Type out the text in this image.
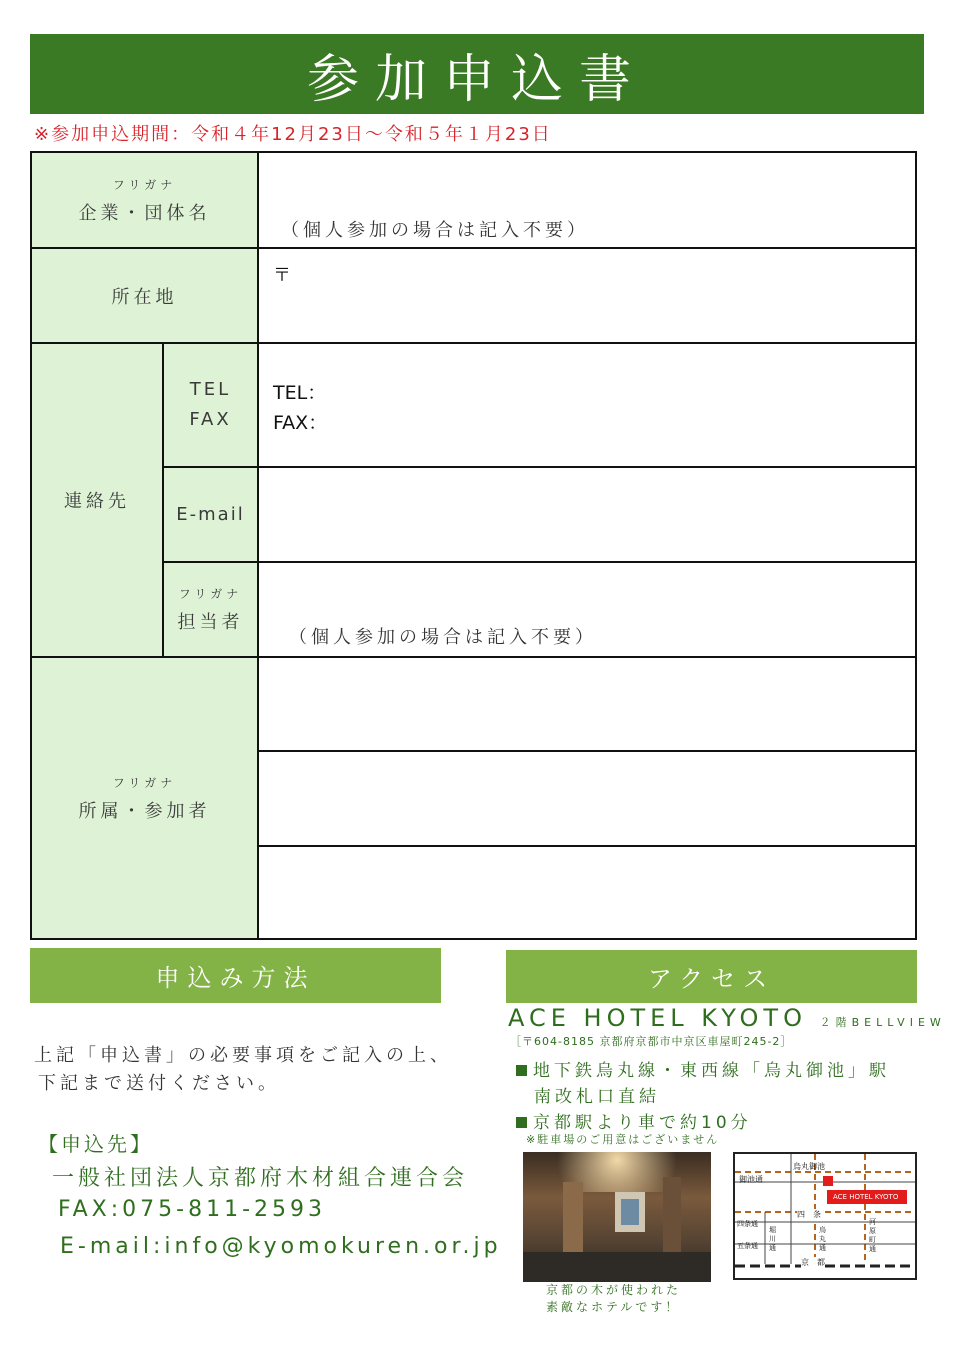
参加申込書
※参加申込期間：令和４年12月23日～令和５年１月23日
フリガナ
企業・団体名
所在地
連絡先
TEL
FAX
E-mail
フリガナ
担当者
フリガナ
所属・参加者
（個人参加の場合は記入不要）
〒
TEL：
FAX：
（個人参加の場合は記入不要）
申込み方法
上記「申込書」の必要事項をご記入の上、
下記まで送付ください。
【申込先】
一般社団法人京都府木材組合連合会
FAX:075-811-2593
E-mail:info@kyomokuren.or.jp
アクセス
ACE HOTEL KYOTO ２階BELLVIEW
［〒604-8185 京都府京都市中京区車屋町245-2］
地下鉄烏丸線・東西線「烏丸御池」駅
南改札口直結
京都駅より車で約10分
※駐車場のご用意はございません
烏丸御池
御池通
ACE HOTEL KYOTO
四　条
四条通
五条通
堀川通
烏丸通
河原町通
京　都
京都の木が使われた
素敵なホテルです！
